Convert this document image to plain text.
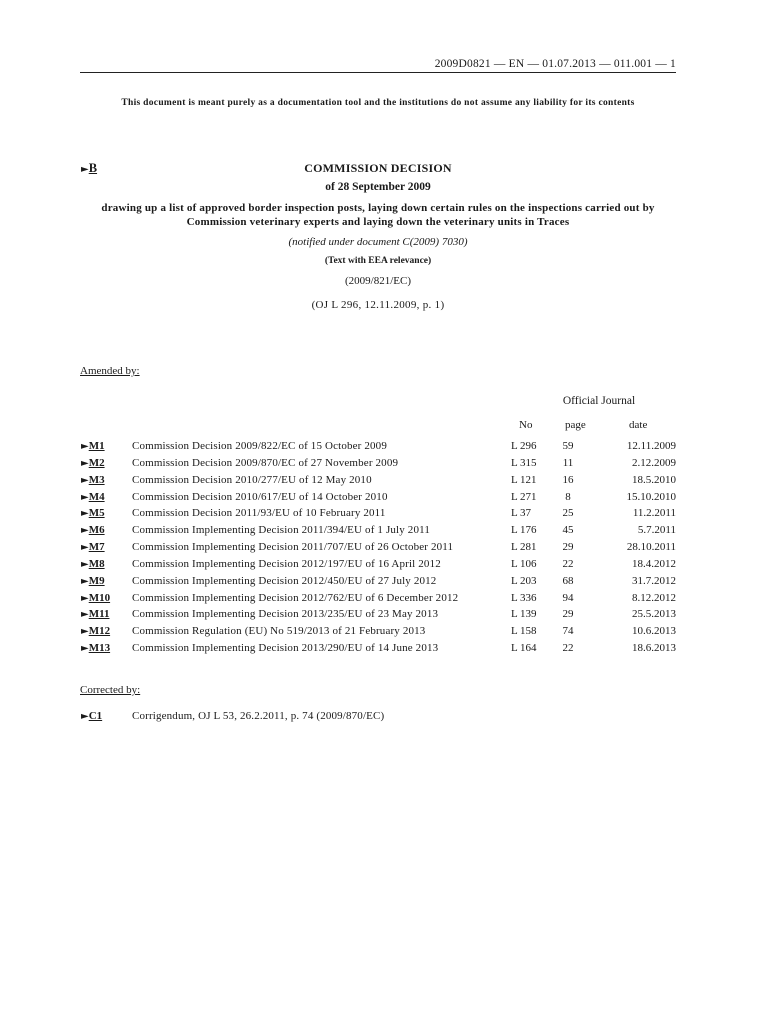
2009D0821 — EN — 01.07.2013 — 011.001 — 1
This document is meant purely as a documentation tool and the institutions do not assume any liability for its contents
►B	COMMISSION DECISION
of 28 September 2009
drawing up a list of approved border inspection posts, laying down certain rules on the inspections carried out by Commission veterinary experts and laying down the veterinary units in Traces
(notified under document C(2009) 7030)
(Text with EEA relevance)
(2009/821/EC)
(OJ L 296, 12.11.2009, p. 1)
Amended by:
Official Journal
No	page	date
►M1 Commission Decision 2009/822/EC of 15 October 2009	L 296	59	12.11.2009
►M2 Commission Decision 2009/870/EC of 27 November 2009	L 315	11	2.12.2009
►M3 Commission Decision 2010/277/EU of 12 May 2010	L 121	16	18.5.2010
►M4 Commission Decision 2010/617/EU of 14 October 2010	L 271	8	15.10.2010
►M5 Commission Decision 2011/93/EU of 10 February 2011	L 37	25	11.2.2011
►M6 Commission Implementing Decision 2011/394/EU of 1 July 2011	L 176	45	5.7.2011
►M7 Commission Implementing Decision 2011/707/EU of 26 October 2011	L 281	29	28.10.2011
►M8 Commission Implementing Decision 2012/197/EU of 16 April 2012	L 106	22	18.4.2012
►M9 Commission Implementing Decision 2012/450/EU of 27 July 2012	L 203	68	31.7.2012
►M10 Commission Implementing Decision 2012/762/EU of 6 December 2012	L 336	94	8.12.2012
►M11 Commission Implementing Decision 2013/235/EU of 23 May 2013	L 139	29	25.5.2013
►M12 Commission Regulation (EU) No 519/2013 of 21 February 2013	L 158	74	10.6.2013
►M13 Commission Implementing Decision 2013/290/EU of 14 June 2013	L 164	22	18.6.2013
Corrected by:
►C1	Corrigendum, OJ L 53, 26.2.2011, p. 74 (2009/870/EC)
